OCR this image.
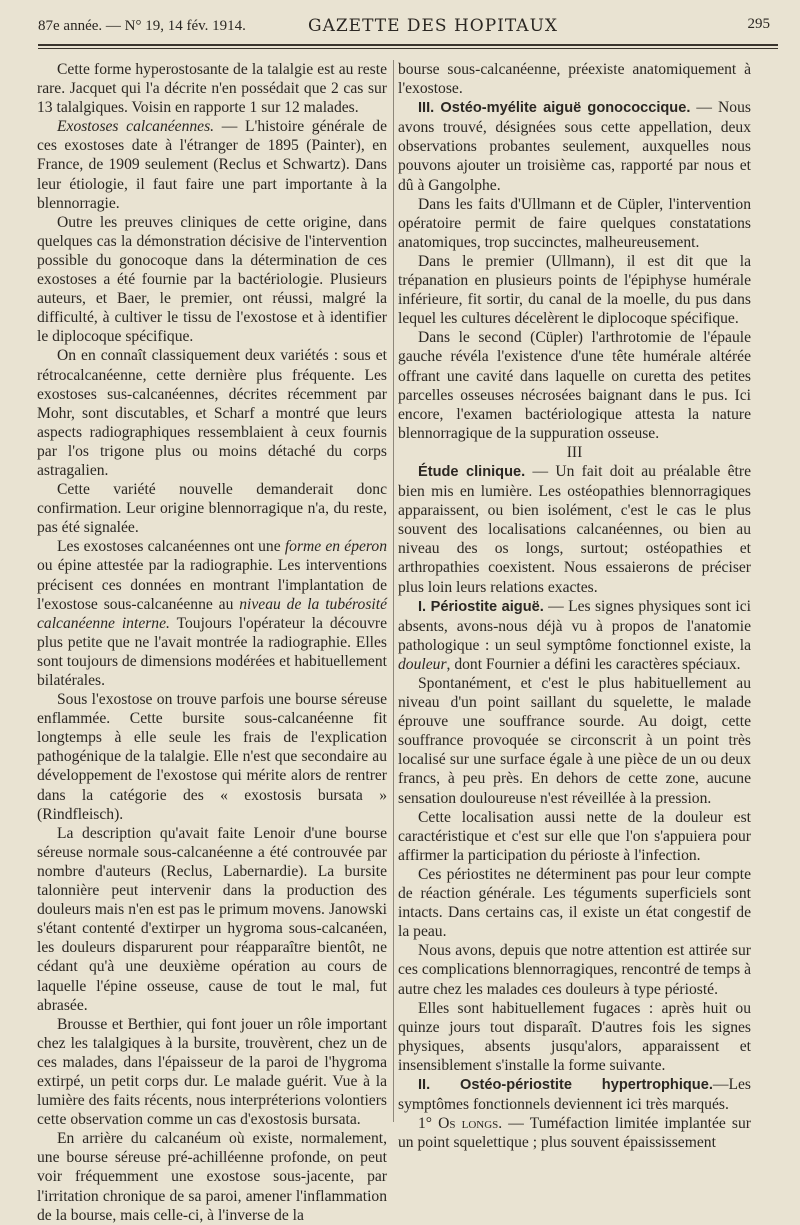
87e année. — N° 19, 14 fév. 1914.	GAZETTE DES HOPITAUX	295

Cette forme hyperostosante de la talalgie est au reste rare. Jacquet qui l'a décrite n'en possédait que 2 cas sur 13 talalgiques. Voisin en rapporte 1 sur 12 malades.

Exostoses calcanéennes. — L'histoire générale de ces exostoses date à l'étranger de 1895 (Painter), en France, de 1909 seulement (Reclus et Schwartz). Dans leur étiologie, il faut faire une part importante à la blennorragie.

Outre les preuves cliniques de cette origine, dans quelques cas la démonstration décisive de l'intervention possible du gonocoque dans la détermination de ces exostoses a été fournie par la bactériologie. Plusieurs auteurs, et Baer, le premier, ont réussi, malgré la difficulté, à cultiver le tissu de l'exostose et à identifier le diplocoque spécifique.

On en connaît classiquement deux variétés : sous et rétrocalcanéenne, cette dernière plus fréquente. Les exostoses sus-calcanéennes, décrites récemment par Mohr, sont discutables, et Scharf a montré que leurs aspects radiographiques ressemblaient à ceux fournis par l'os trigone plus ou moins détaché du corps astragalien.

Cette variété nouvelle demanderait donc confirmation. Leur origine blennorragique n'a, du reste, pas été signalée.

Les exostoses calcanéennes ont une forme en éperon ou épine attestée par la radiographie. Les interventions précisent ces données en montrant l'implantation de l'exostose sous-calcanéenne au niveau de la tubérosité calcanéenne interne. Toujours l'opérateur la découvre plus petite que ne l'avait montrée la radiographie. Elles sont toujours de dimensions modérées et habituellement bilatérales.

Sous l'exostose on trouve parfois une bourse séreuse enflammée. Cette bursite sous-calcanéenne fit longtemps à elle seule les frais de l'explication pathogénique de la talalgie. Elle n'est que secondaire au développement de l'exostose qui mérite alors de rentrer dans la catégorie des « exostosis bursata » (Rindfleisch).

La description qu'avait faite Lenoir d'une bourse séreuse normale sous-calcanéenne a été controuvée par nombre d'auteurs (Reclus, Labernardie). La bursite talonnière peut intervenir dans la production des douleurs mais n'en est pas le primum movens. Janowski s'étant contenté d'extirper un hygroma sous-calcanéen, les douleurs disparurent pour réapparaître bientôt, ne cédant qu'à une deuxième opération au cours de laquelle l'épine osseuse, cause de tout le mal, fut abrasée.

Brousse et Berthier, qui font jouer un rôle important chez les talalgiques à la bursite, trouvèrent, chez un de ces malades, dans l'épaisseur de la paroi de l'hygroma extirpé, un petit corps dur. Le malade guérit. Vue à la lumière des faits récents, nous interpréterions volontiers cette observation comme un cas d'exostosis bursata.

En arrière du calcanéum où existe, normalement, une bourse séreuse pré-achilléenne profonde, on peut voir fréquemment une exostose sous-jacente, par l'irritation chronique de sa paroi, amener l'inflammation de la bourse, mais celle-ci, à l'inverse de la

bourse sous-calcanéenne, préexiste anatomiquement à l'exostose.

III. Ostéo-myélite aiguë gonococcique. — Nous avons trouvé, désignées sous cette appellation, deux observations probantes seulement, auxquelles nous pouvons ajouter un troisième cas, rapporté par nous et dû à Gangolphe.

Dans les faits d'Ullmann et de Cüpler, l'intervention opératoire permit de faire quelques constatations anatomiques, trop succinctes, malheureusement.

Dans le premier (Ullmann), il est dit que la trépanation en plusieurs points de l'épiphyse humérale inférieure, fit sortir, du canal de la moelle, du pus dans lequel les cultures décelèrent le diplocoque spécifique.

Dans le second (Cüpler) l'arthrotomie de l'épaule gauche révéla l'existence d'une tête humérale altérée offrant une cavité dans laquelle on curetta des petites parcelles osseuses nécrosées baignant dans le pus. Ici encore, l'examen bactériologique attesta la nature blennorragique de la suppuration osseuse.

III

Étude clinique. — Un fait doit au préalable être bien mis en lumière. Les ostéopathies blennorragiques apparaissent, ou bien isolément, c'est le cas le plus souvent des localisations calcanéennes, ou bien au niveau des os longs, surtout; ostéopathies et arthropathies coexistent. Nous essaierons de préciser plus loin leurs relations exactes.

I. Périostite aiguë. — Les signes physiques sont ici absents, avons-nous déjà vu à propos de l'anatomie pathologique : un seul symptôme fonctionnel existe, la douleur, dont Fournier a défini les caractères spéciaux.

Spontanément, et c'est le plus habituellement au niveau d'un point saillant du squelette, le malade éprouve une souffrance sourde. Au doigt, cette souffrance provoquée se circonscrit à un point très localisé sur une surface égale à une pièce de un ou deux francs, à peu près. En dehors de cette zone, aucune sensation douloureuse n'est réveillée à la pression.

Cette localisation aussi nette de la douleur est caractéristique et c'est sur elle que l'on s'appuiera pour affirmer la participation du périoste à l'infection.

Ces périostites ne déterminent pas pour leur compte de réaction générale. Les téguments superficiels sont intacts. Dans certains cas, il existe un état congestif de la peau.

Nous avons, depuis que notre attention est attirée sur ces complications blennorragiques, rencontré de temps à autre chez les malades ces douleurs à type périosté.

Elles sont habituellement fugaces : après huit ou quinze jours tout disparaît. D'autres fois les signes physiques, absents jusqu'alors, apparaissent et insensiblement s'installe la forme suivante.

II. Ostéo-périostite hypertrophique.—Les symptômes fonctionnels deviennent ici très marqués.

1° Os longs. — Tuméfaction limitée implantée sur un point squelettique ; plus souvent épaississement
